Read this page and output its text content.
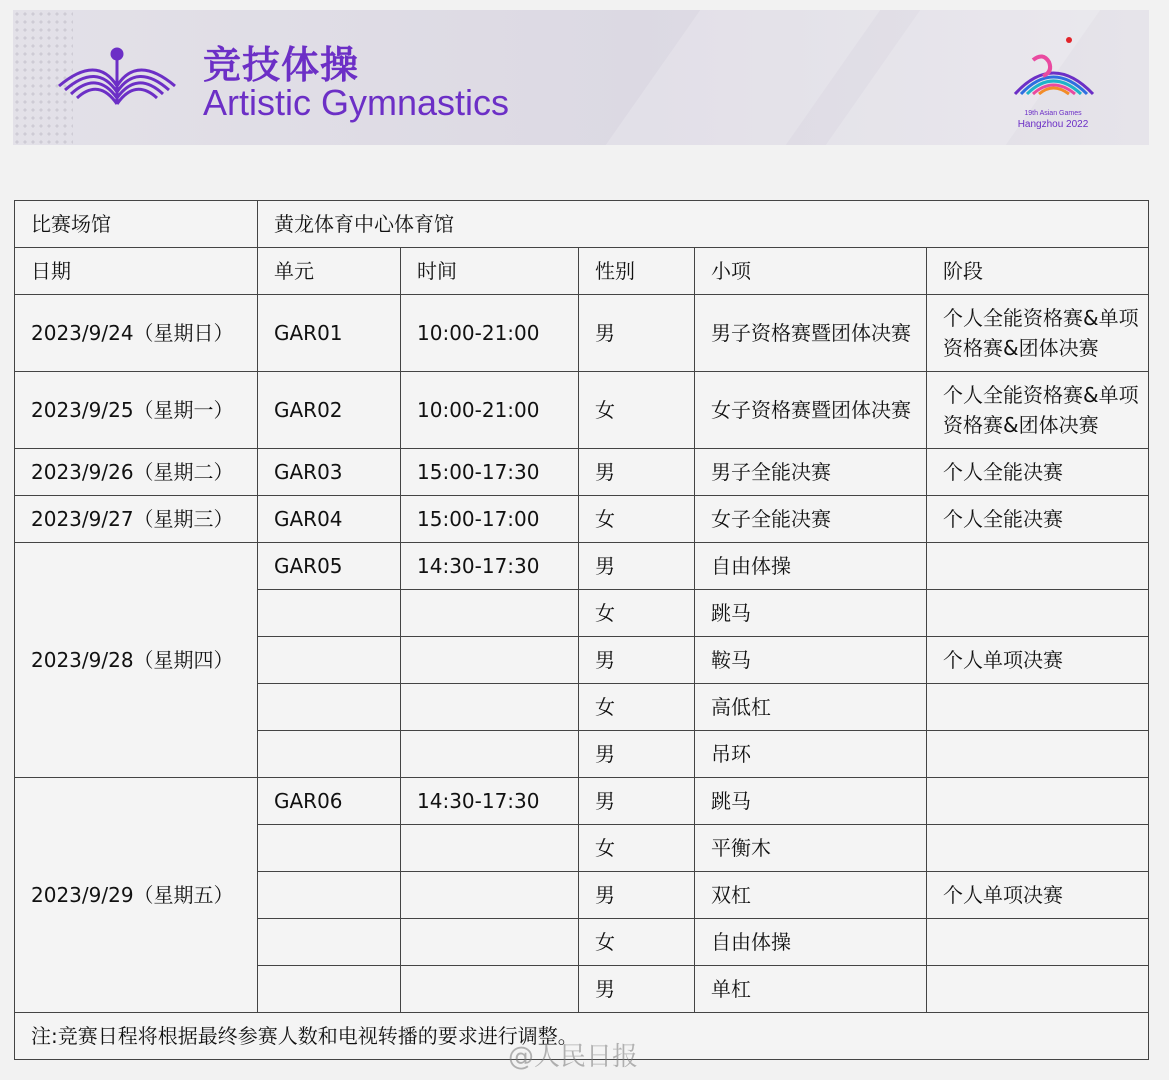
竞技体操
Artistic Gymnastics	19th Asian Games
Hangzhou 2022
比赛场馆	黄龙体育中心体育馆				
日期	单元	时间	性别	小项	阶段
2023/9/24（星期日）	GAR01	10:00-21:00	男	男子资格赛暨团体决赛	个人全能资格赛&单项资格赛&团体决赛
2023/9/25（星期一）	GAR02	10:00-21:00	女	女子资格赛暨团体决赛	个人全能资格赛&单项资格赛&团体决赛
2023/9/26（星期二）	GAR03	15:00-17:30	男	男子全能决赛	个人全能决赛
2023/9/27（星期三）	GAR04	15:00-17:00	女	女子全能决赛	个人全能决赛
2023/9/28（星期四）	GAR05	14:30-17:30	男	自由体操	
			女	跳马	
			男	鞍马	个人单项决赛
			女	高低杠	
			男	吊环	
2023/9/29（星期五）	GAR06	14:30-17:30	男	跳马	
			女	平衡木	
			男	双杠	个人单项决赛
			女	自由体操	
			男	单杠	
注:竞赛日程将根据最终参赛人数和电视转播的要求进行调整。					
@人民日报
